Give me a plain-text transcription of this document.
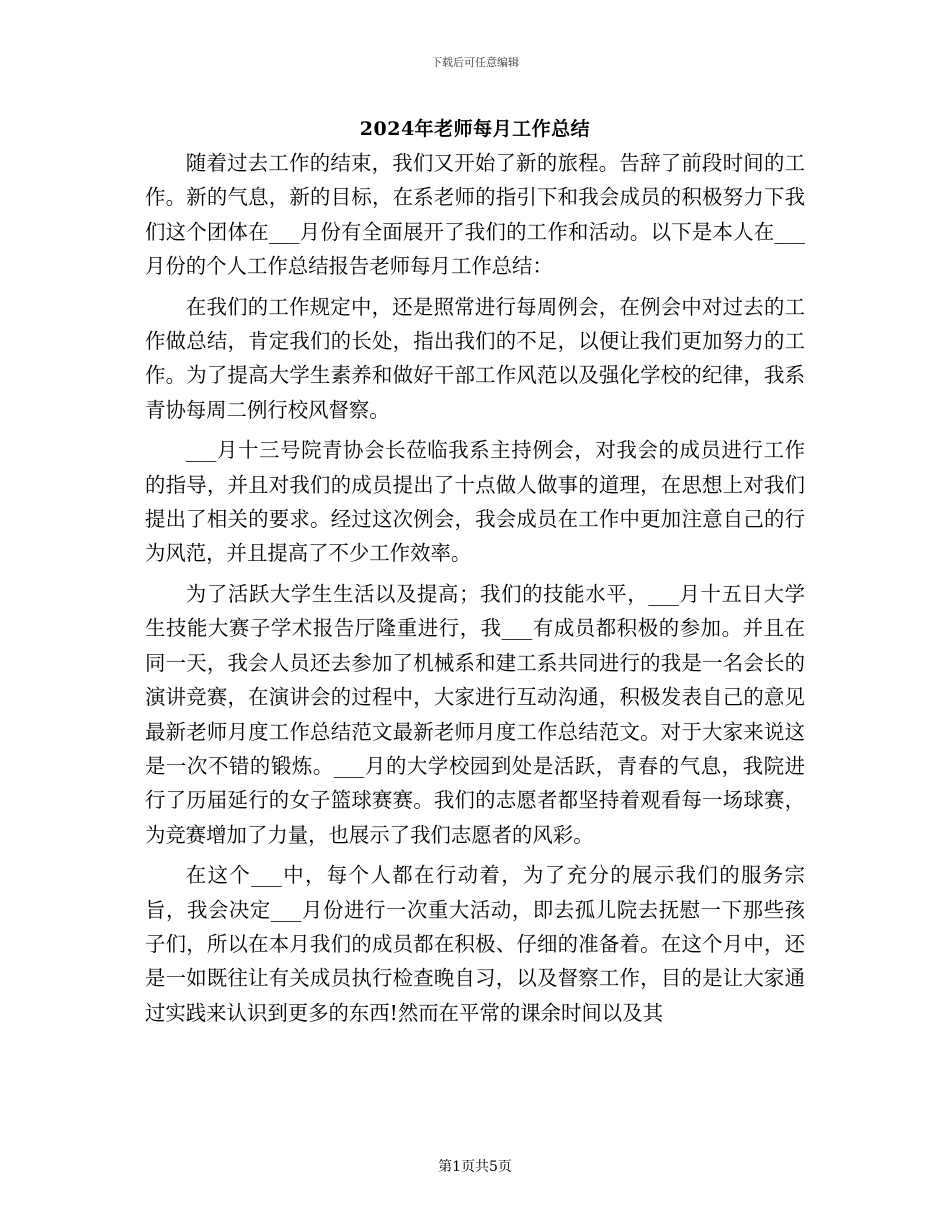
下载后可任意编辑
2024年老师每月工作总结

随着过去工作的结束，我们又开始了新的旅程。告辞了前段时间的工作。新的气息，新的目标，在系老师的指引下和我会成员的积极努力下我们这个团体在___月份有全面展开了我们的工作和活动。以下是本人在___月份的个人工作总结报告老师每月工作总结：

在我们的工作规定中，还是照常进行每周例会，在例会中对过去的工作做总结，肯定我们的长处，指出我们的不足，以便让我们更加努力的工作。为了提高大学生素养和做好干部工作风范以及强化学校的纪律，我系青协每周二例行校风督察。

___月十三号院青协会长莅临我系主持例会，对我会的成员进行工作的指导，并且对我们的成员提出了十点做人做事的道理，在思想上对我们提出了相关的要求。经过这次例会，我会成员在工作中更加注意自己的行为风范，并且提高了不少工作效率。

为了活跃大学生生活以及提高；我们的技能水平，___月十五日大学生技能大赛子学术报告厅隆重进行，我___有成员都积极的参加。并且在同一天，我会人员还去参加了机械系和建工系共同进行的我是一名会长的演讲竞赛，在演讲会的过程中，大家进行互动沟通，积极发表自己的意见最新老师月度工作总结范文最新老师月度工作总结范文。对于大家来说这是一次不错的锻炼。___月的大学校园到处是活跃，青春的气息，我院进行了历届延行的女子篮球赛赛。我们的志愿者都坚持着观看每一场球赛，为竞赛增加了力量，也展示了我们志愿者的风彩。

在这个___中，每个人都在行动着，为了充分的展示我们的服务宗旨，我会决定___月份进行一次重大活动，即去孤儿院去抚慰一下那些孩子们，所以在本月我们的成员都在积极、仔细的准备着。在这个月中，还是一如既往让有关成员执行检查晚自习，以及督察工作，目的是让大家通过实践来认识到更多的东西!然而在平常的课余时间以及其

第1页共5页
